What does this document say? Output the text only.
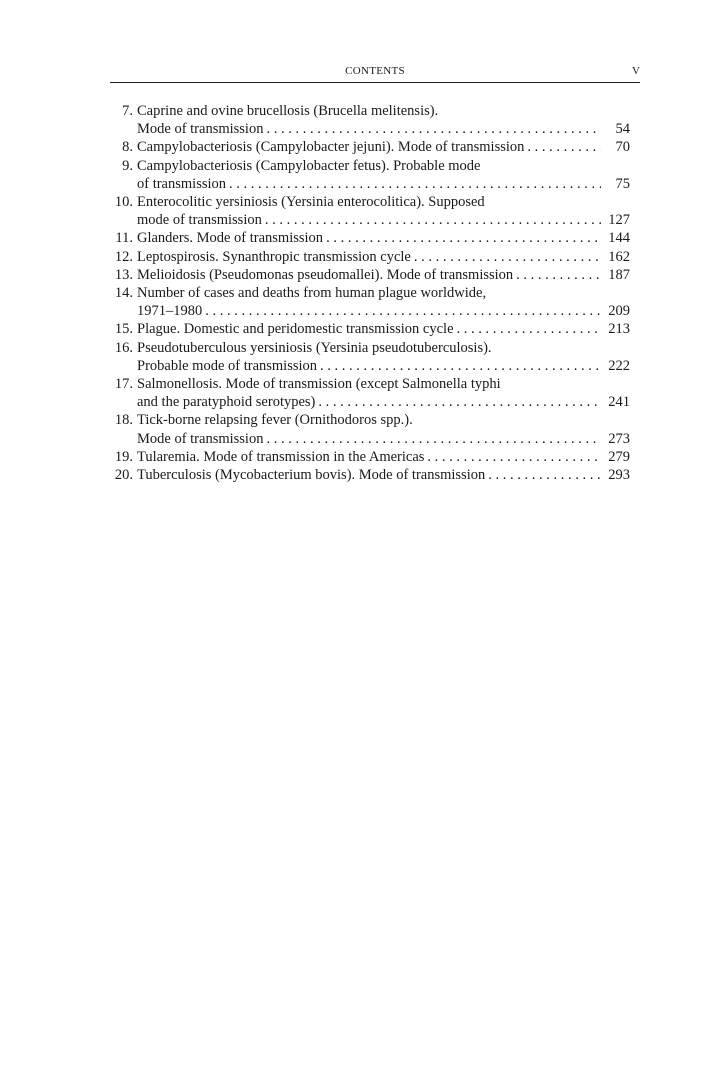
CONTENTS	V
7. Caprine and ovine brucellosis (Brucella melitensis).
Mode of transmission . . .	54
8. Campylobacteriosis (Campylobacter jejuni). Mode of transmission . . .	70
9. Campylobacteriosis (Campylobacter fetus). Probable mode
of transmission . . .	75
10. Enterocolitic yersiniosis (Yersinia enterocolitica). Supposed
mode of transmission . . .	127
11. Glanders. Mode of transmission . . .	144
12. Leptospirosis. Synanthropic transmission cycle . . .	162
13. Melioidosis (Pseudomonas pseudomallei). Mode of transmission . . .	187
14. Number of cases and deaths from human plague worldwide,
1971–1980 . . .	209
15. Plague. Domestic and peridomestic transmission cycle . . .	213
16. Pseudotuberculous yersiniosis (Yersinia pseudotuberculosis).
Probable mode of transmission . . .	222
17. Salmonellosis. Mode of transmission (except Salmonella typhi
and the paratyphoid serotypes) . . .	241
18. Tick-borne relapsing fever (Ornithodoros spp.).
Mode of transmission . . .	273
19. Tularemia. Mode of transmission in the Americas . . .	279
20. Tuberculosis (Mycobacterium bovis). Mode of transmission . . .	293
